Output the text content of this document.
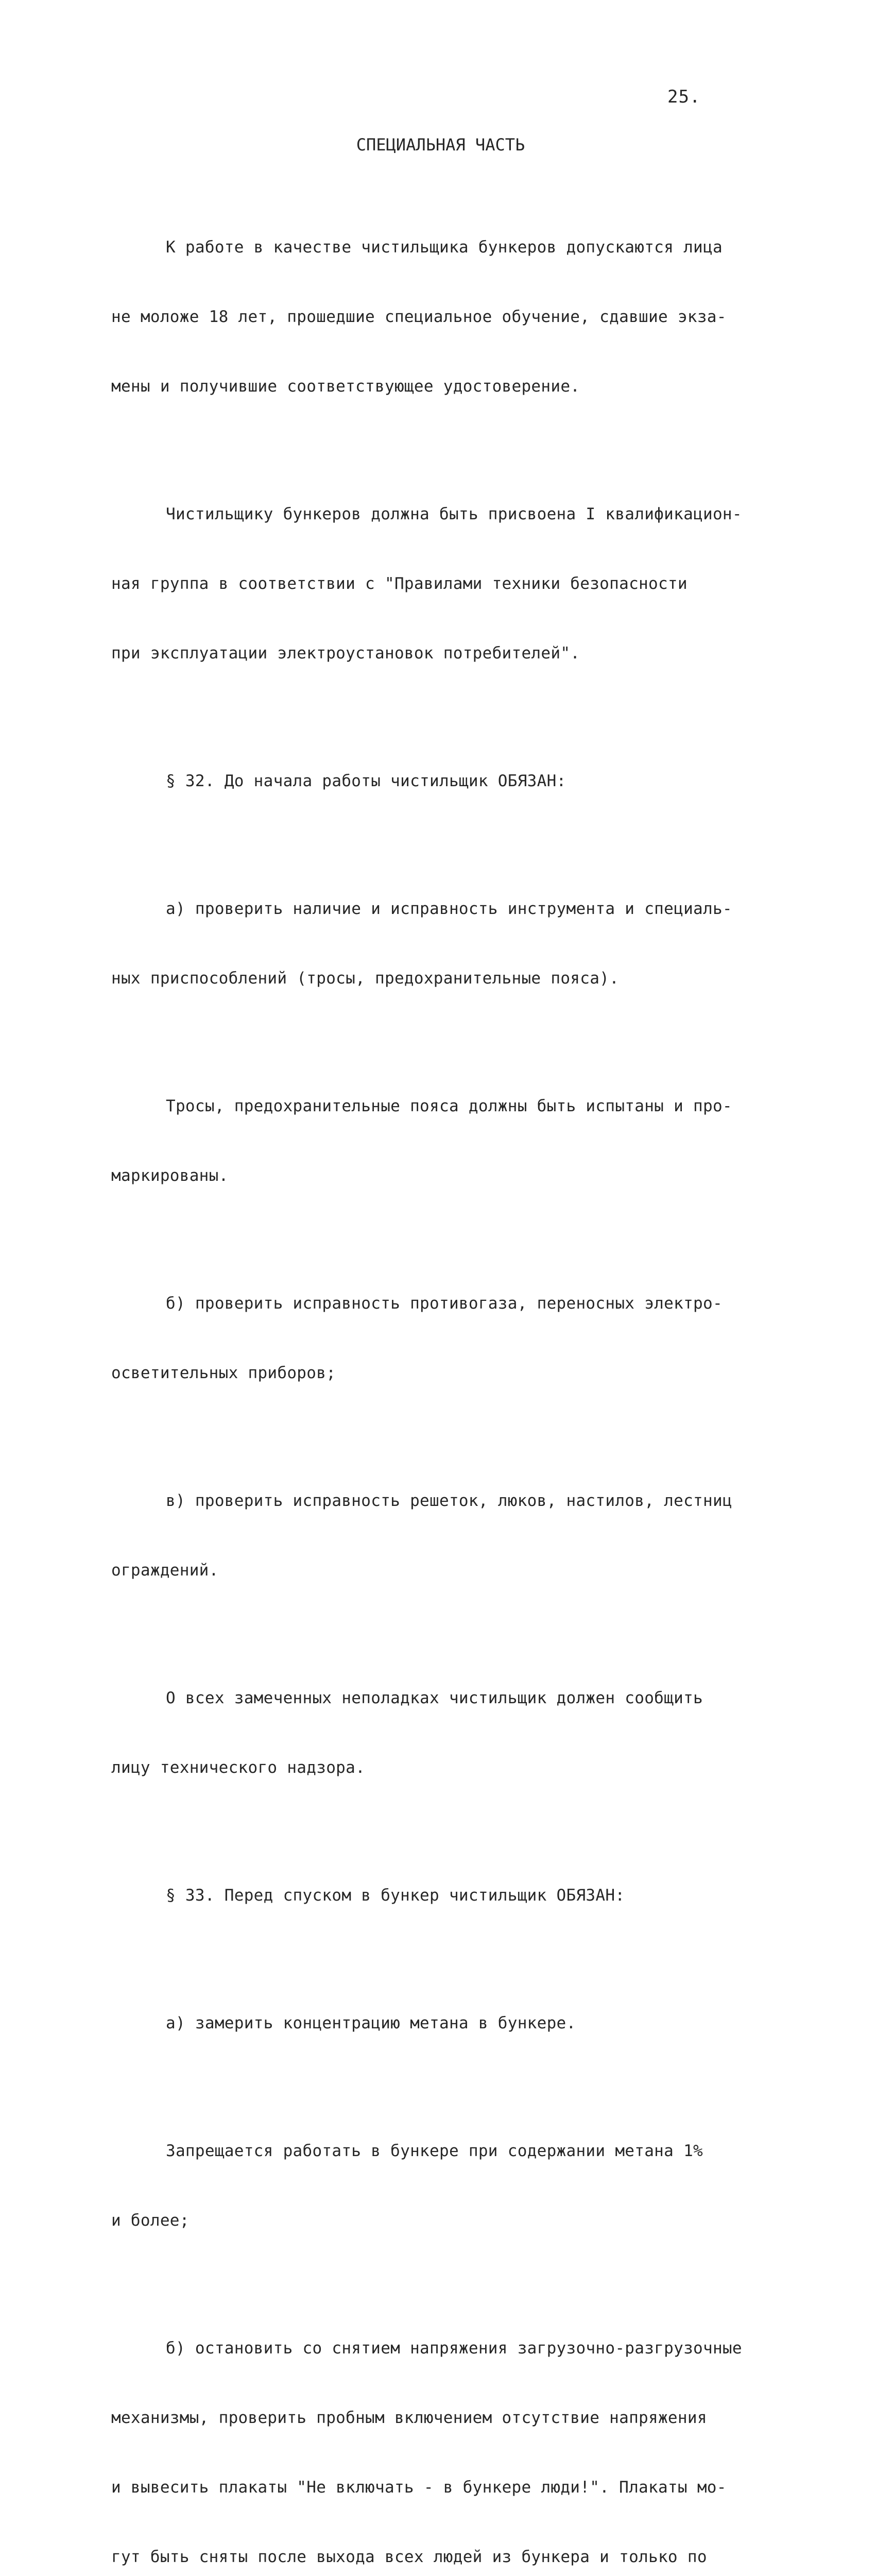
25.
СПЕЦИАЛЬНАЯ ЧАСТЬ

К работе в качестве чистильщика бункеров допускаются лица

не моложе 18 лет, прошедшие специальное обучение, сдавшие экза-

мены и получившие соответствующее удостоверение.

Чистильщику бункеров должна быть присвоена I квалификацион-

ная группа в соответствии с "Правилами техники безопасности

при эксплуатации электроустановок потребителей".

§ 32. До начала работы чистильщик ОБЯЗАН:

а) проверить наличие и исправность инструмента и специаль-

ных приспособлений (тросы, предохранительные пояса).

Тросы, предохранительные пояса должны быть испытаны и про-

маркированы.

б) проверить исправность противогаза, переносных электро-

осветительных приборов;

в) проверить исправность решеток, люков, настилов, лестниц

ограждений.

О всех замеченных неполадках чистильщик должен сообщить

лицу технического надзора.

§ 33. Перед спуском в бункер чистильщик ОБЯЗАН:

а) замерить концентрацию метана в бункере.

Запрещается работать в бункере при содержании метана 1%

и более;

б) остановить со снятием напряжения загрузочно-разгрузочные

механизмы, проверить пробным включением отсутствие напряжения

и вывесить плакаты "Не включать - в бункере люди!". Плакаты мо-

гут быть сняты после выхода всех людей из бункера и только по
